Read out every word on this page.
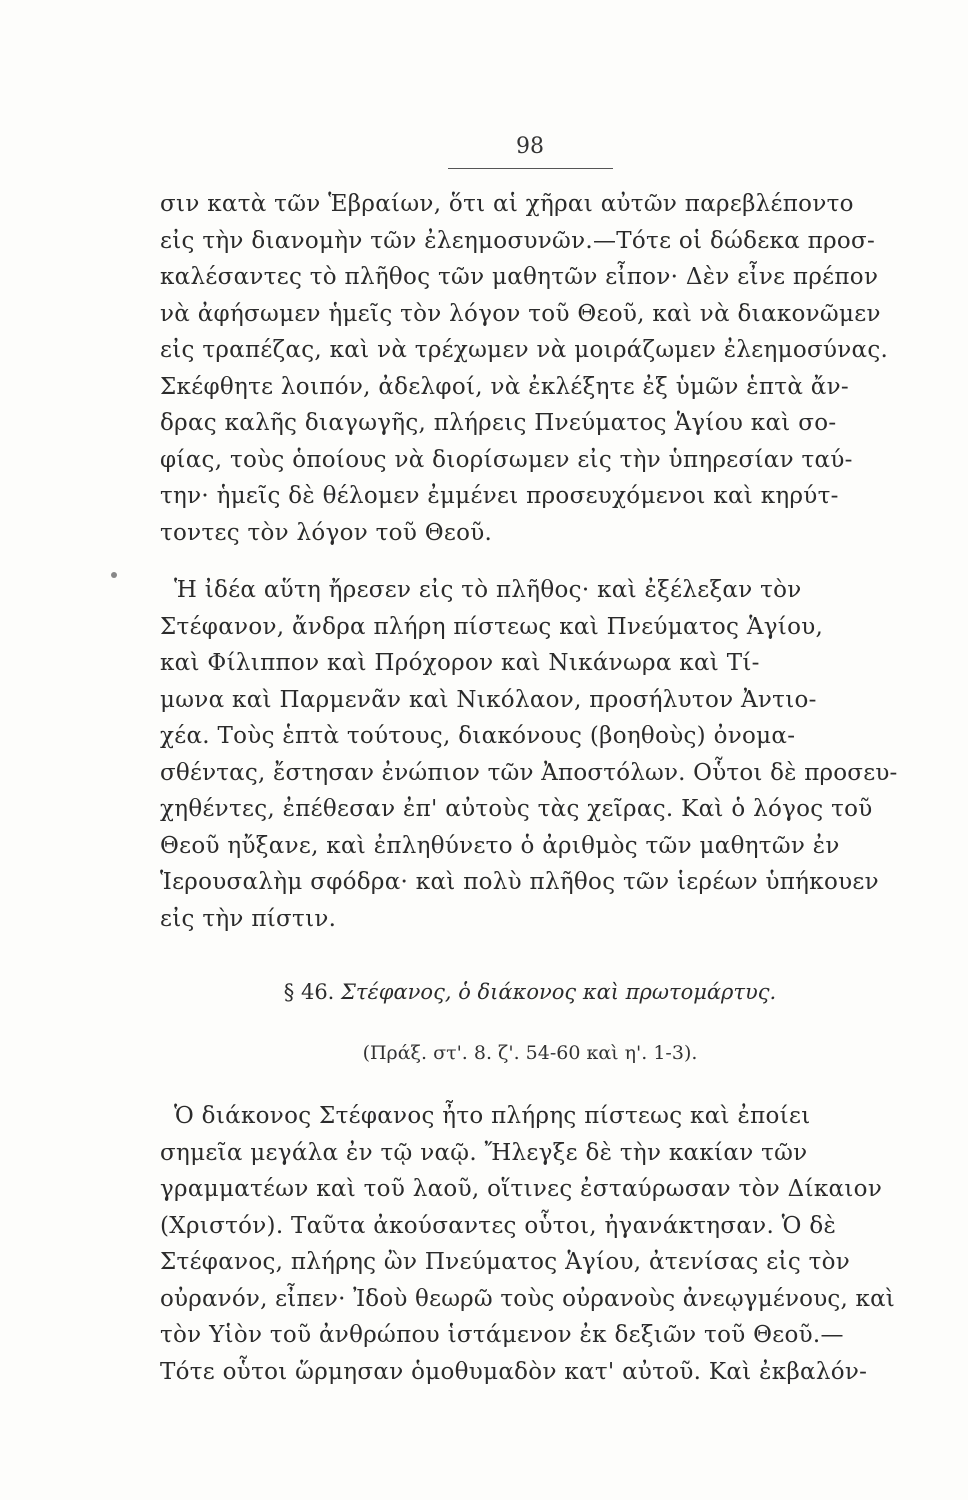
98
σιν κατὰ τῶν Ἑβραίων, ὅτι αἱ χῆραι αὐτῶν παρεβλέποντο
εἰς τὴν διανομὴν τῶν ἐλεημοσυνῶν.—Τότε οἱ δώδεκα προσ-
καλέσαντες τὸ πλῆθος τῶν μαθητῶν εἶπον· Δὲν εἶνε πρέπον
νὰ ἀφήσωμεν ἡμεῖς τὸν λόγον τοῦ Θεοῦ, καὶ νὰ διακονῶμεν
εἰς τραπέζας, καὶ νὰ τρέχωμεν νὰ μοιράζωμεν ἐλεημοσύνας.
Σκέφθητε λοιπόν, ἀδελφοί, νὰ ἐκλέξητε ἐξ ὑμῶν ἑπτὰ ἄν-
δρας καλῆς διαγωγῆς, πλήρεις Πνεύματος Ἁγίου καὶ σο-
φίας, τοὺς ὁποίους νὰ διορίσωμεν εἰς τὴν ὑπηρεσίαν ταύ-
την· ἡμεῖς δὲ θέλομεν ἐμμένει προσευχόμενοι καὶ κηρύτ-
τοντες τὸν λόγον τοῦ Θεοῦ.
Ἡ ἰδέα αὕτη ἤρεσεν εἰς τὸ πλῆθος· καὶ ἐξέλεξαν τὸν
Στέφανον, ἄνδρα πλήρη πίστεως καὶ Πνεύματος Ἁγίου,
καὶ Φίλιππον καὶ Πρόχορον καὶ Νικάνωρα καὶ Τί-
μωνα καὶ Παρμενᾶν καὶ Νικόλαον, προσήλυτον Ἀντιο-
χέα. Τοὺς ἑπτὰ τούτους, διακόνους (βοηθοὺς) ὀνομα-
σθέντας, ἔστησαν ἐνώπιον τῶν Ἀποστόλων. Οὗτοι δὲ προσευ-
χηθέντες, ἐπέθεσαν ἐπ' αὐτοὺς τὰς χεῖρας. Καὶ ὁ λόγος τοῦ
Θεοῦ ηὔξανε, καὶ ἐπληθύνετο ὁ ἀριθμὸς τῶν μαθητῶν ἐν
Ἱερουσαλὴμ σφόδρα· καὶ πολὺ πλῆθος τῶν ἱερέων ὑπήκουεν
εἰς τὴν πίστιν.
§ 46. Στέφανος, ὁ διάκονος καὶ πρωτομάρτυς.
(Πράξ. στ'. 8. ζ'. 54-60 καὶ η'. 1-3).
Ὁ διάκονος Στέφανος ἦτο πλήρης πίστεως καὶ ἐποίει
σημεῖα μεγάλα ἐν τῷ ναῷ. Ἤλεγξε δὲ τὴν κακίαν τῶν
γραμματέων καὶ τοῦ λαοῦ, οἵτινες ἐσταύρωσαν τὸν Δίκαιον
(Χριστόν). Ταῦτα ἀκούσαντες οὗτοι, ἠγανάκτησαν. Ὁ δὲ
Στέφανος, πλήρης ὢν Πνεύματος Ἁγίου, ἀτενίσας εἰς τὸν
οὐρανόν, εἶπεν· Ἰδοὺ θεωρῶ τοὺς οὐρανοὺς ἀνεῳγμένους, καὶ
τὸν Υἱὸν τοῦ ἀνθρώπου ἱστάμενον ἐκ δεξιῶν τοῦ Θεοῦ.—
Τότε οὗτοι ὥρμησαν ὁμοθυμαδὸν κατ' αὐτοῦ. Καὶ ἐκβαλόν-
